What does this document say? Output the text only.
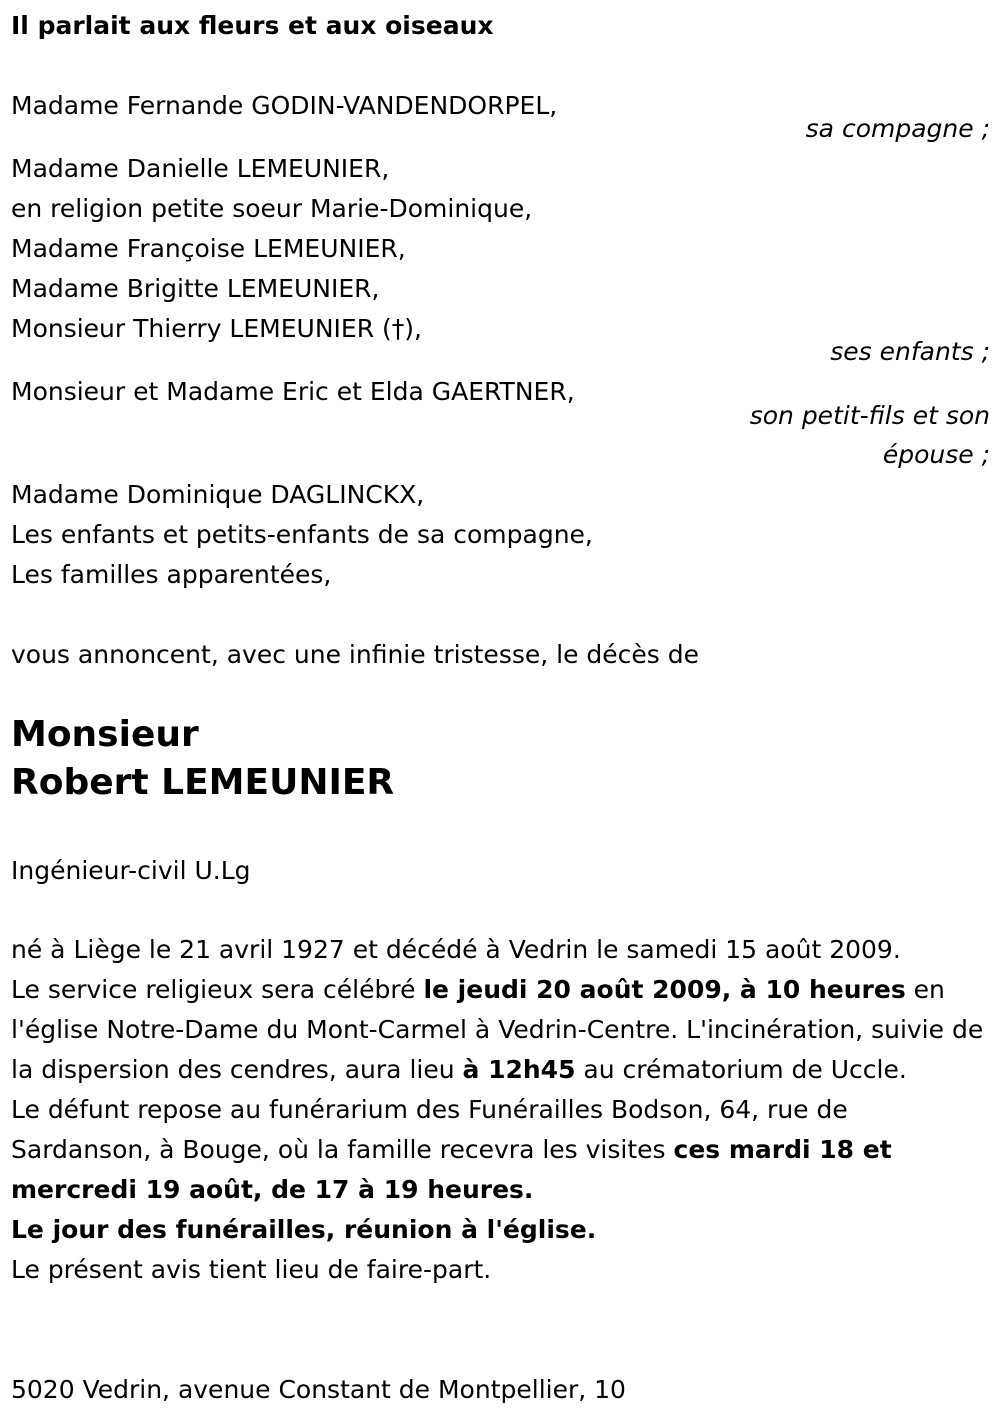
Il parlait aux fleurs et aux oiseaux
Madame Fernande GODIN-VANDENDORPEL,
sa compagne ;
Madame Danielle LEMEUNIER,
en religion petite soeur Marie-Dominique,
Madame Françoise LEMEUNIER,
Madame Brigitte LEMEUNIER,
Monsieur Thierry LEMEUNIER (†),
ses enfants ;
Monsieur et Madame Eric et Elda GAERTNER,
son petit-fils et son
épouse ;
Madame Dominique DAGLINCKX,
Les enfants et petits-enfants de sa compagne,
Les familles apparentées,
vous annoncent, avec une infinie tristesse, le décès de
Monsieur
Robert LEMEUNIER
Ingénieur-civil U.Lg
né à Liège le 21 avril 1927 et décédé à Vedrin le samedi 15 août 2009.
Le service religieux sera célébré le jeudi 20 août 2009, à 10 heures en l'église Notre-Dame du Mont-Carmel à Vedrin-Centre. L'incinération, suivie de la dispersion des cendres, aura lieu à 12h45 au crématorium de Uccle.
Le défunt repose au funérarium des Funérailles Bodson, 64, rue de Sardanson, à Bouge, où la famille recevra les visites ces mardi 18 et mercredi 19 août, de 17 à 19 heures.
Le jour des funérailles, réunion à l'église.
Le présent avis tient lieu de faire-part.
5020 Vedrin, avenue Constant de Montpellier, 10
